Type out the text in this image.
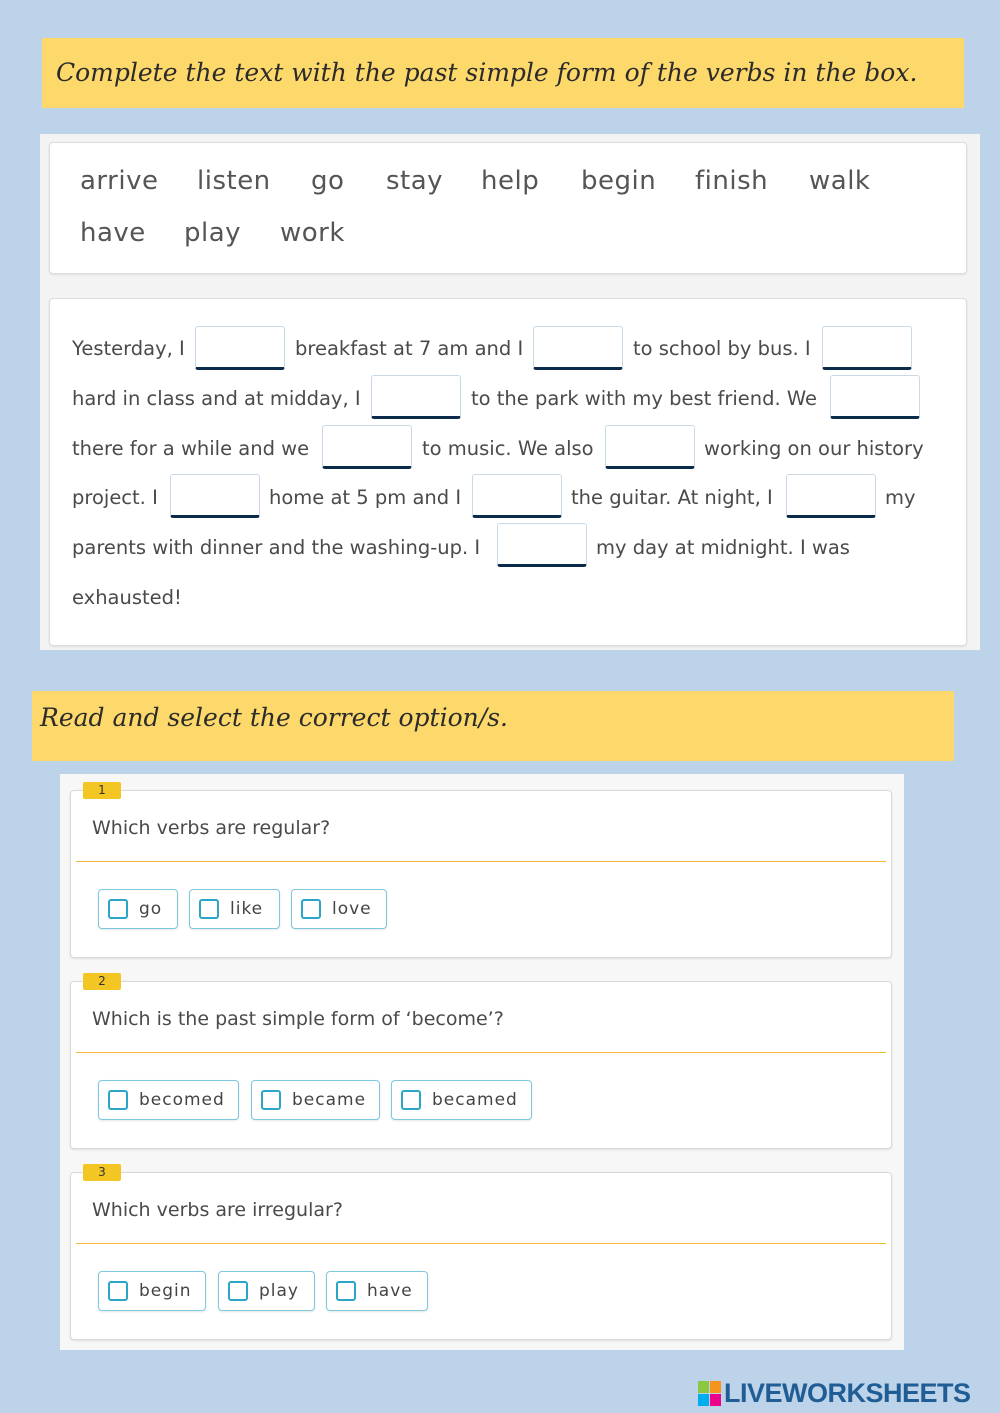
Complete the text with the past simple form of the verbs in the box.
arrive listen go stay help begin finish walk
have play work
Yesterday, I	breakfast at 7 am and I	to school by bus. I
hard in class and at midday, I	to the park with my best friend. We
there for a while and we	to music. We also	working on our history
project. I	home at 5 pm and I	the guitar. At night, I	my
parents with dinner and the washing-up. I	my day at midnight. I was
exhausted!
Read and select the correct option/s.
1
Which verbs are regular?
go	like	love
2
Which is the past simple form of ‘become’?
becomed	became	becamed
3
Which verbs are irregular?
begin	play	have
LIVEWORKSHEETS
